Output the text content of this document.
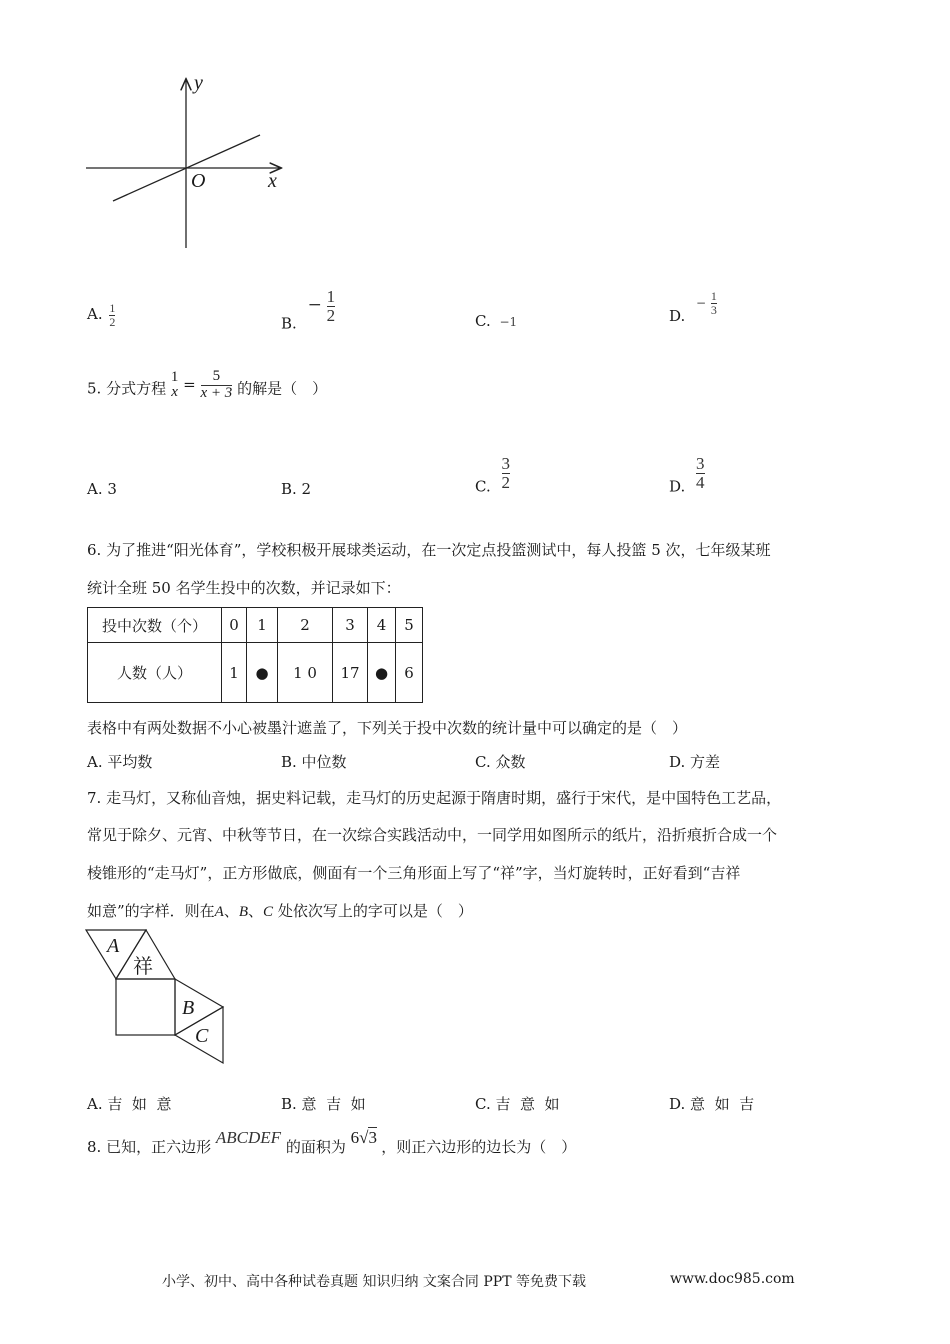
y
x
O
A. $\frac{1}{2}$	B. − $\frac{1}{2}$	C. −1	D. − $\frac{1}{3}$
5. 分式方程
1
$x = \frac{5}{x + 3}$ 的解是（　）
A. 3	B. 2	C. $\frac{3}{2}$	D. $\frac{3}{4}$
6. 为了推进“阳光体育”，学校积极开展球类运动，在一次定点投篮测试中，每人投篮 5 次，七年级某班
统计全班 50 名学生投中的次数，并记录如下：
投中次数（个）	0	1	2	3	4	5
人数（人）	1	●	1 0	17	●	6
表格中有两处数据不小心被墨汁遮盖了，下列关于投中次数的统计量中可以确定的是（　）
A. 平均数	B. 中位数	C. 众数	D. 方差
7. 走马灯，又称仙音烛，据史料记载，走马灯的历史起源于隋唐时期，盛行于宋代，是中国特色工艺品，
常见于除夕、元宵、中秋等节日，在一次综合实践活动中，一同学用如图所示的纸片，沿折痕折合成一个
棱锥形的“走马灯”，正方形做底，侧面有一个三角形面上写了“祥”字，当灯旋转时，正好看到“吉祥
如意”的字样．则在A、B、C 处依次写上的字可以是（　）
A
祥
B
C
A. 吉  如  意	B. 意  吉  如	C. 吉  意  如	D. 意  如  吉
8. 已知，正六边形 ABCDEF 的面积为 6√3 ，则正六边形的边长为（　）
小学、初中、高中各种试卷真题 知识归纳 文案合同 PPT 等免费下载	www.doc985.com
